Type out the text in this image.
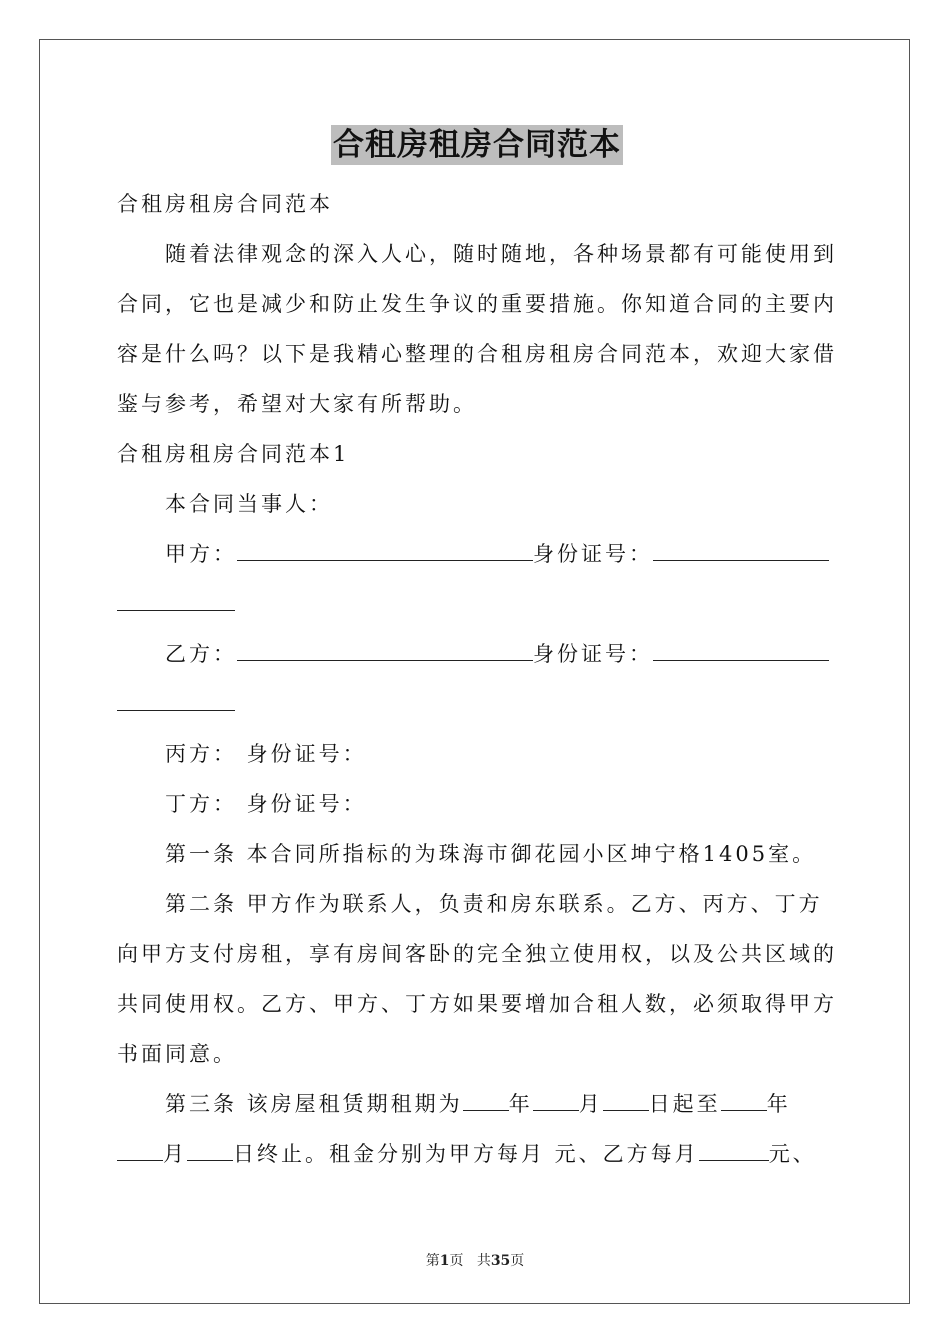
合租房租房合同范本
合租房租房合同范本
随着法律观念的深入人心，随时随地，各种场景都有可能使用到
合同，它也是减少和防止发生争议的重要措施。你知道合同的主要内
容是什么吗？以下是我精心整理的合租房租房合同范本，欢迎大家借
鉴与参考，希望对大家有所帮助。
合租房租房合同范本1
本合同当事人：
甲方：	身份证号：
乙方：	身份证号：
丙方： 身份证号：
丁方： 身份证号：
第一条 本合同所指标的为珠海市御花园小区坤宁格1405室。
第二条 甲方作为联系人，负责和房东联系。乙方、丙方、丁方
向甲方支付房租，享有房间客卧的完全独立使用权，以及公共区域的
共同使用权。乙方、甲方、丁方如果要增加合租人数，必须取得甲方
书面同意。
第三条 该房屋租赁期租期为 年 月 日起至 年
月 日终止。租金分别为甲方每月 元、乙方每月	元、
第1页 共35页
